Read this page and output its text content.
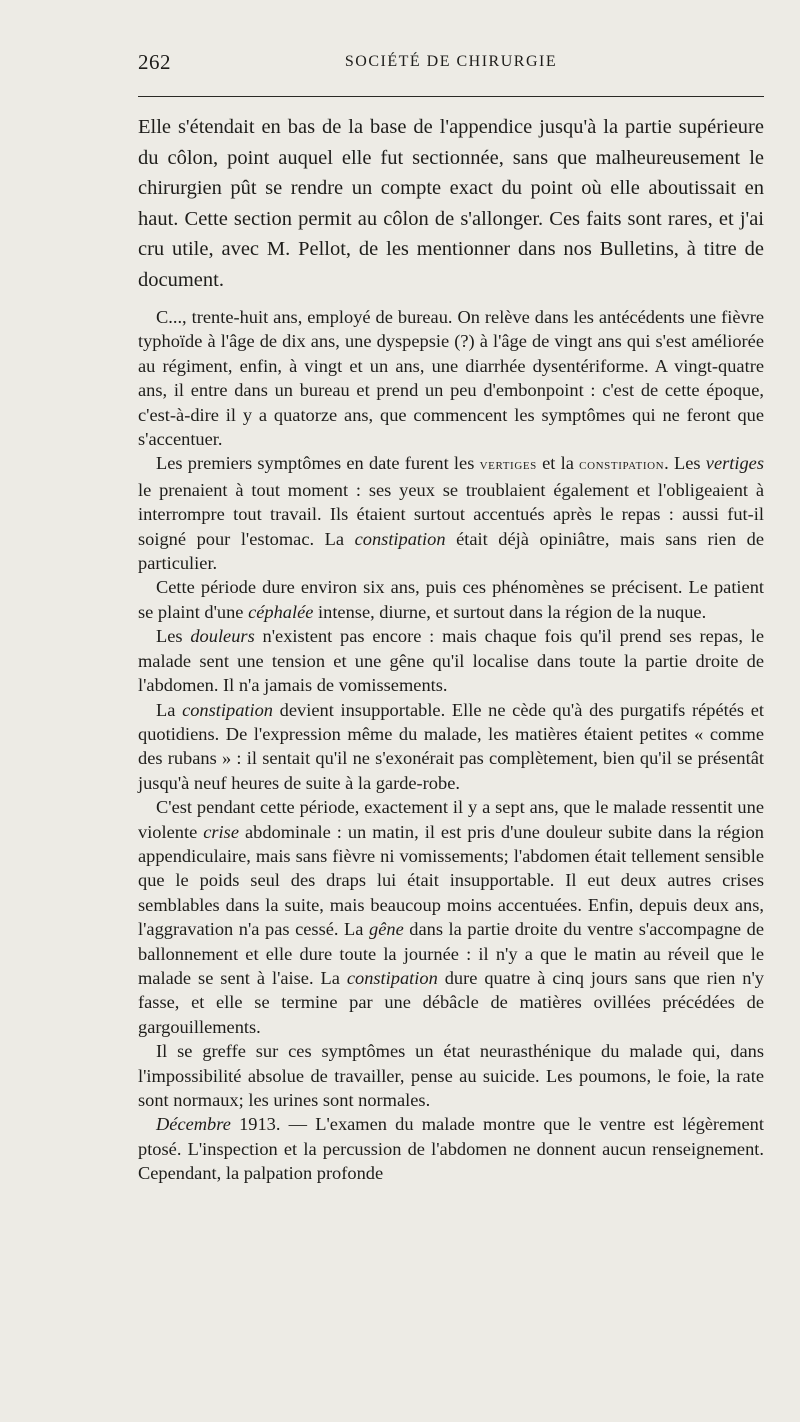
262	SOCIÉTÉ DE CHIRURGIE

Elle s'étendait en bas de la base de l'appendice jusqu'à la partie supérieure du côlon, point auquel elle fut sectionnée, sans que malheureusement le chirurgien pût se rendre un compte exact du point où elle aboutissait en haut. Cette section permit au côlon de s'allonger. Ces faits sont rares, et j'ai cru utile, avec M. Pellot, de les mentionner dans nos Bulletins, à titre de document.

C..., trente-huit ans, employé de bureau. On relève dans les antécédents une fièvre typhoïde à l'âge de dix ans, une dyspepsie (?) à l'âge de vingt ans qui s'est améliorée au régiment, enfin, à vingt et un ans, une diarrhée dysentériforme. A vingt-quatre ans, il entre dans un bureau et prend un peu d'embonpoint : c'est de cette époque, c'est-à-dire il y a quatorze ans, que commencent les symptômes qui ne feront que s'accentuer.

Les premiers symptômes en date furent les vertiges et la constipation. Les vertiges le prenaient à tout moment : ses yeux se troublaient également et l'obligeaient à interrompre tout travail. Ils étaient surtout accentués après le repas : aussi fut-il soigné pour l'estomac. La constipation était déjà opiniâtre, mais sans rien de particulier.

Cette période dure environ six ans, puis ces phénomènes se précisent. Le patient se plaint d'une céphalée intense, diurne, et surtout dans la région de la nuque.

Les douleurs n'existent pas encore : mais chaque fois qu'il prend ses repas, le malade sent une tension et une gêne qu'il localise dans toute la partie droite de l'abdomen. Il n'a jamais de vomissements.

La constipation devient insupportable. Elle ne cède qu'à des purgatifs répétés et quotidiens. De l'expression même du malade, les matières étaient petites « comme des rubans » : il sentait qu'il ne s'exonérait pas complètement, bien qu'il se présentât jusqu'à neuf heures de suite à la garde-robe.

C'est pendant cette période, exactement il y a sept ans, que le malade ressentit une violente crise abdominale : un matin, il est pris d'une douleur subite dans la région appendiculaire, mais sans fièvre ni vomissements; l'abdomen était tellement sensible que le poids seul des draps lui était insupportable. Il eut deux autres crises semblables dans la suite, mais beaucoup moins accentuées. Enfin, depuis deux ans, l'aggravation n'a pas cessé. La gêne dans la partie droite du ventre s'accompagne de ballonnement et elle dure toute la journée : il n'y a que le matin au réveil que le malade se sent à l'aise. La constipation dure quatre à cinq jours sans que rien n'y fasse, et elle se termine par une débâcle de matières ovillées précédées de gargouillements.

Il se greffe sur ces symptômes un état neurasthénique du malade qui, dans l'impossibilité absolue de travailler, pense au suicide. Les poumons, le foie, la rate sont normaux; les urines sont normales.

Décembre 1913. — L'examen du malade montre que le ventre est légèrement ptosé. L'inspection et la percussion de l'abdomen ne donnent aucun renseignement. Cependant, la palpation profonde
